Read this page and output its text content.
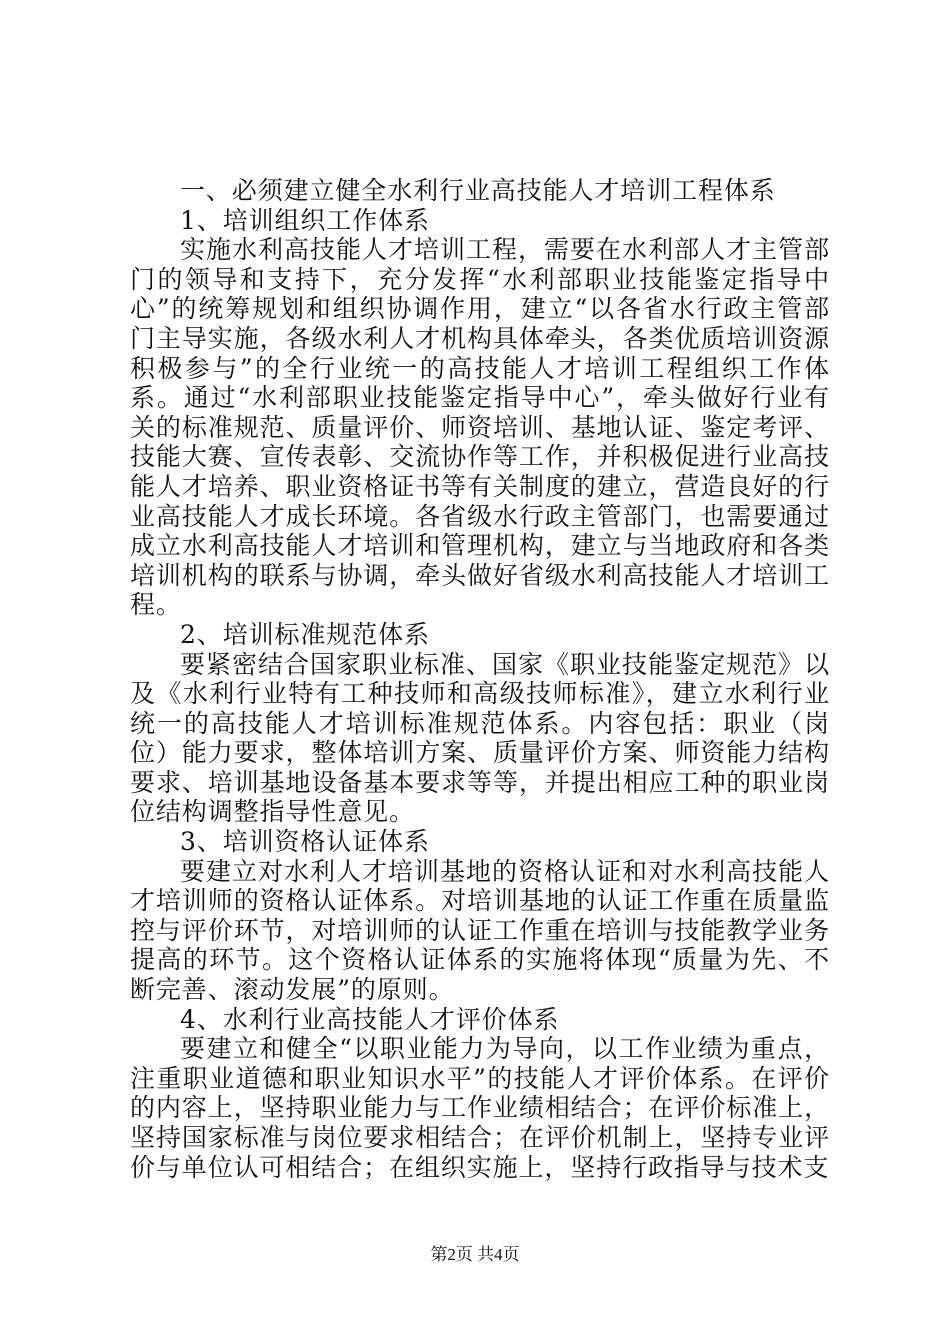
一、必须建立健全水利行业高技能人才培训工程体系

1、培训组织工作体系

实施水利高技能人才培训工程，需要在水利部人才主管部门的领导和支持下，充分发挥“水利部职业技能鉴定指导中心”的统筹规划和组织协调作用，建立“以各省水行政主管部门主导实施，各级水利人才机构具体牵头，各类优质培训资源积极参与”的全行业统一的高技能人才培训工程组织工作体系。通过“水利部职业技能鉴定指导中心”，牵头做好行业有关的标准规范、质量评价、师资培训、基地认证、鉴定考评、技能大赛、宣传表彰、交流协作等工作，并积极促进行业高技能人才培养、职业资格证书等有关制度的建立，营造良好的行业高技能人才成长环境。各省级水行政主管部门，也需要通过成立水利高技能人才培训和管理机构，建立与当地政府和各类培训机构的联系与协调，牵头做好省级水利高技能人才培训工程。

2、培训标准规范体系

要紧密结合国家职业标准、国家《职业技能鉴定规范》以及《水利行业特有工种技师和高级技师标准》，建立水利行业统一的高技能人才培训标准规范体系。内容包括：职业（岗位）能力要求，整体培训方案、质量评价方案、师资能力结构要求、培训基地设备基本要求等等，并提出相应工种的职业岗位结构调整指导性意见。

3、培训资格认证体系

要建立对水利人才培训基地的资格认证和对水利高技能人才培训师的资格认证体系。对培训基地的认证工作重在质量监控与评价环节，对培训师的认证工作重在培训与技能教学业务提高的环节。这个资格认证体系的实施将体现“质量为先、不断完善、滚动发展”的原则。

4、水利行业高技能人才评价体系

要建立和健全“以职业能力为导向，以工作业绩为重点，注重职业道德和职业知识水平”的技能人才评价体系。在评价的内容上，坚持职业能力与工作业绩相结合；在评价标准上，坚持国家标准与岗位要求相结合；在评价机制上，坚持专业评价与单位认可相结合；在组织实施上，坚持行政指导与技术支

第2页 共4页
